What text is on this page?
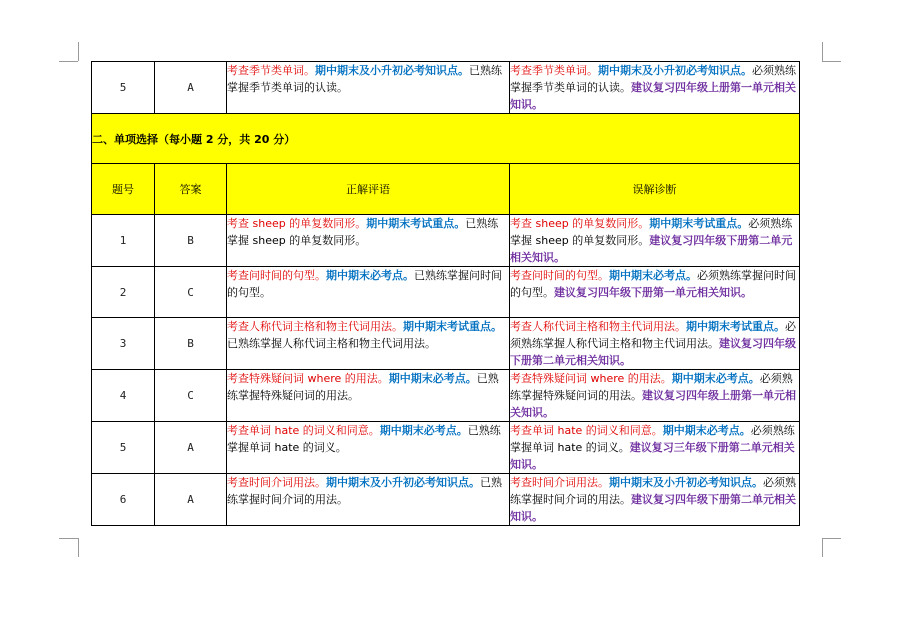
5	A	考查季节类单词。期中期末及小升初必考知识点。已熟练掌握季节类单词的认读。	考查季节类单词。期中期末及小升初必考知识点。必须熟练掌握季节类单词的认读。建议复习四年级上册第一单元相关知识。
二、单项选择（每小题 2 分，共 20 分）			
题号	答案	正解评语	误解诊断
1	B	考查 sheep 的单复数同形。期中期末考试重点。已熟练掌握 sheep 的单复数同形。	考查 sheep 的单复数同形。期中期末考试重点。必须熟练掌握 sheep 的单复数同形。建议复习四年级下册第二单元相关知识。
2	C	考查问时间的句型。期中期末必考点。已熟练掌握问时间的句型。	考查问时间的句型。期中期末必考点。必须熟练掌握问时间的句型。建议复习四年级下册第一单元相关知识。
3	B	考查人称代词主格和物主代词用法。期中期末考试重点。已熟练掌握人称代词主格和物主代词用法。	考查人称代词主格和物主代词用法。期中期末考试重点。必须熟练掌握人称代词主格和物主代词用法。建议复习四年级下册第二单元相关知识。
4	C	考查特殊疑问词 where 的用法。期中期末必考点。已熟练掌握特殊疑问词的用法。	考查特殊疑问词 where 的用法。期中期末必考点。必须熟练掌握特殊疑问词的用法。建议复习四年级上册第一单元相关知识。
5	A	考查单词 hate 的词义和同意。期中期末必考点。已熟练掌握单词 hate 的词义。	考查单词 hate 的词义和同意。期中期末必考点。必须熟练掌握单词 hate 的词义。建议复习三年级下册第二单元相关知识。
6	A	考查时间介词用法。期中期末及小升初必考知识点。已熟练掌握时间介词的用法。	考查时间介词用法。期中期末及小升初必考知识点。必须熟练掌握时间介词的用法。建议复习四年级下册第二单元相关知识。
